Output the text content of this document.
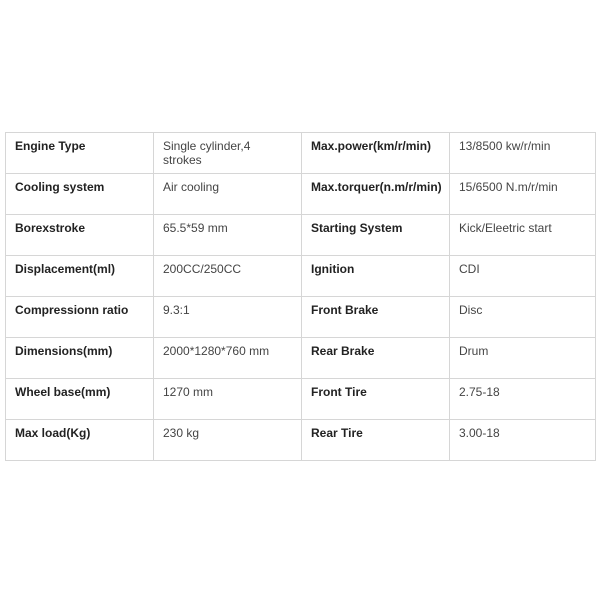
Engine Type	Single cylinder,4 strokes	Max.power(km/r/min)	13/8500 kw/r/min
Cooling system	Air cooling	Max.torquer(n.m/r/min)	15/6500 N.m/r/min
Borexstroke	65.5*59 mm	Starting System	Kick/Eleetric start
Displacement(ml)	200CC/250CC	Ignition	CDI
Compressionn ratio	9.3:1	Front Brake	Disc
Dimensions(mm)	2000*1280*760 mm	Rear Brake	Drum
Wheel base(mm)	1270 mm	Front Tire	2.75-18
Max load(Kg)	230 kg	Rear Tire	3.00-18
